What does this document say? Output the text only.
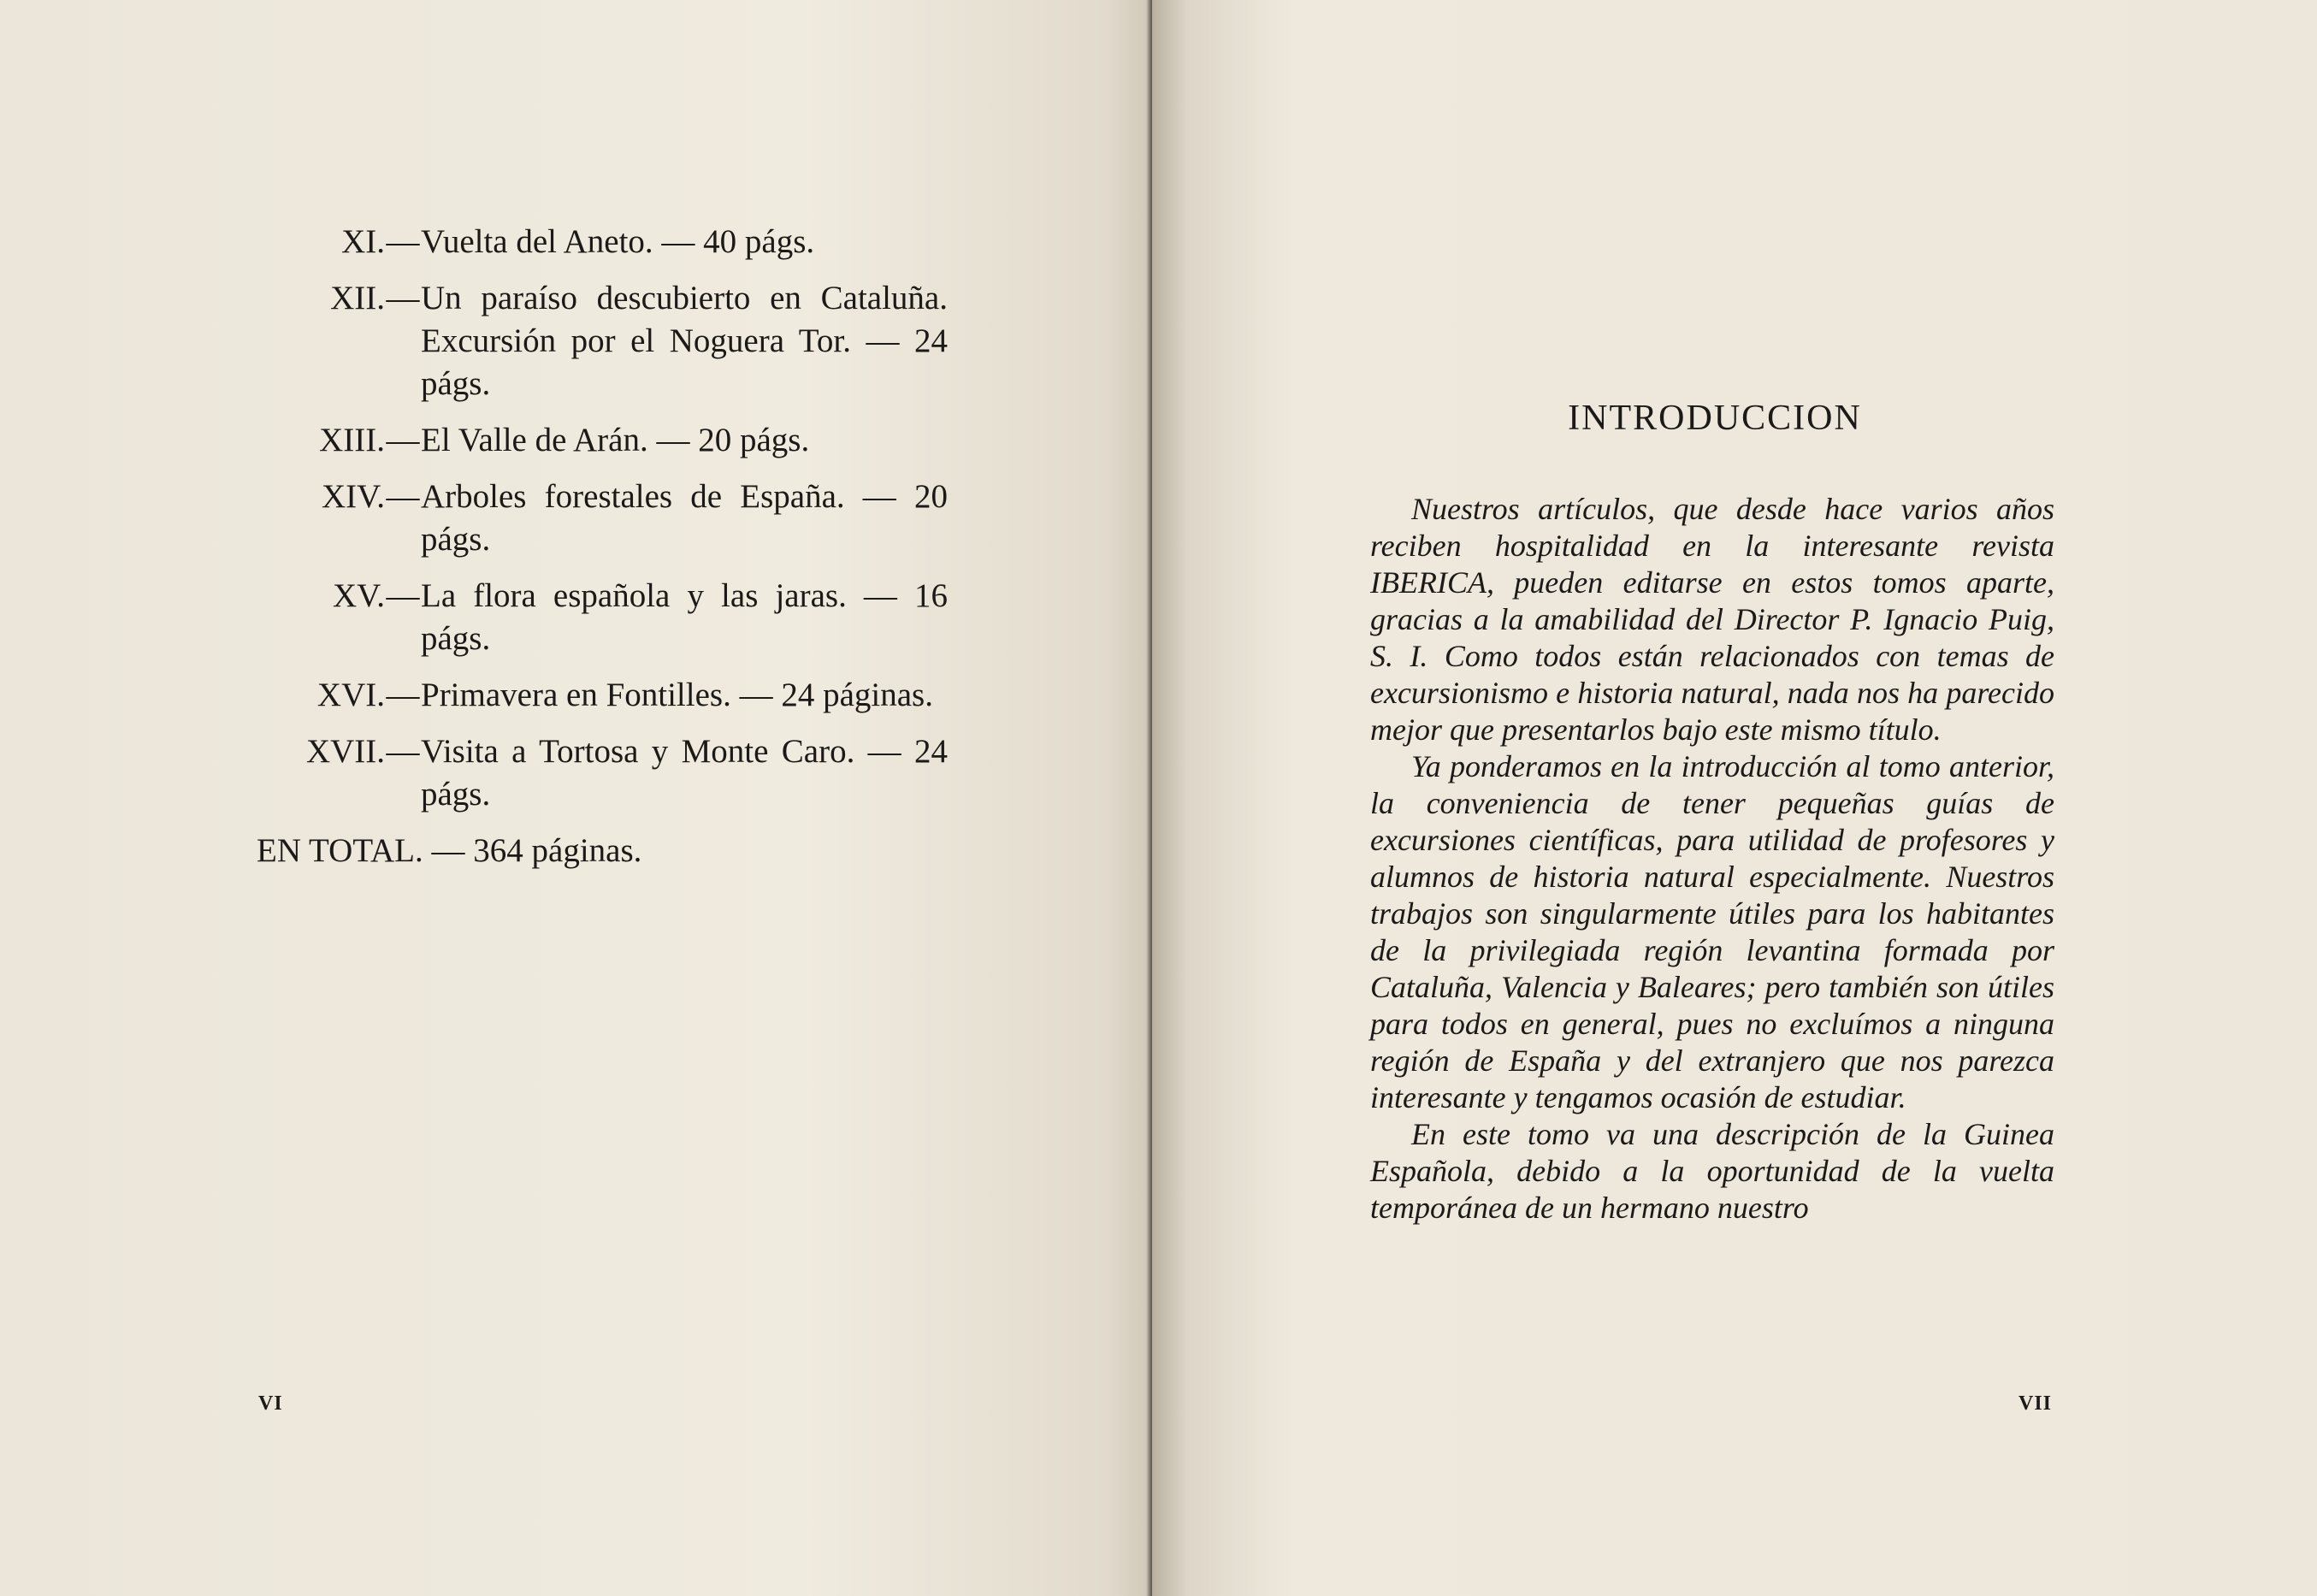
XI. — Vuelta del Aneto. — 40 págs.
XII. — Un paraíso descubierto en Cataluña. Excursión por el Noguera Tor. — 24 págs.
XIII. — El Valle de Arán. — 20 págs.
XIV. — Arboles forestales de España. — 20 págs.
XV. — La flora española y las jaras. — 16 págs.
XVI. — Primavera en Fontilles. — 24 páginas.
XVII. — Visita a Tortosa y Monte Caro. — 24 págs.
EN TOTAL. — 364 páginas.
VI
INTRODUCCION

Nuestros artículos, que desde hace varios años reciben hospitalidad en la interesante revista IBERICA, pueden editarse en estos tomos aparte, gracias a la amabilidad del Director P. Ignacio Puig, S. I. Como todos están relacionados con temas de excursionismo e historia natural, nada nos ha parecido mejor que presentarlos bajo este mismo título.

Ya ponderamos en la introducción al tomo anterior, la conveniencia de tener pequeñas guías de excursiones científicas, para utilidad de profesores y alumnos de historia natural especialmente. Nuestros trabajos son singularmente útiles para los habitantes de la privilegiada región levantina formada por Cataluña, Valencia y Baleares; pero también son útiles para todos en general, pues no excluímos a ninguna región de España y del extranjero que nos parezca interesante y tengamos ocasión de estudiar.

En este tomo va una descripción de la Guinea Española, debido a la oportunidad de la vuelta temporánea de un hermano nuestro

VII
